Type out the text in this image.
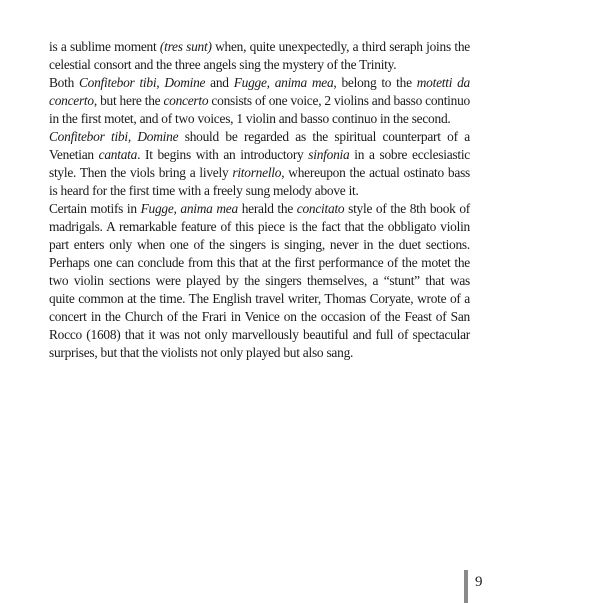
is a sublime moment (tres sunt) when, quite unexpectedly, a third seraph joins the celestial consort and the three angels sing the mystery of the Trinity.

Both Confitebor tibi, Domine and Fugge, anima mea, belong to the motetti da concerto, but here the concerto consists of one voice, 2 violins and basso continuo in the first motet, and of two voices, 1 violin and basso continuo in the second.

Confitebor tibi, Domine should be regarded as the spiritual counterpart of a Venetian cantata. It begins with an introductory sinfonia in a sobre ecclesiastic style. Then the viols bring a lively ritornello, whereupon the actual ostinato bass is heard for the first time with a freely sung melody above it.

Certain motifs in Fugge, anima mea herald the concitato style of the 8th book of madrigals. A remarkable feature of this piece is the fact that the obbligato violin part enters only when one of the singers is singing, never in the duet sections. Perhaps one can conclude from this that at the first performance of the motet the two violin sections were played by the singers themselves, a “stunt” that was quite common at the time. The English travel writer, Thomas Coryate, wrote of a concert in the Church of the Frari in Venice on the occasion of the Feast of San Rocco (1608) that it was not only marvellously beautiful and full of spectacular surprises, but that the violists not only played but also sang.

9
